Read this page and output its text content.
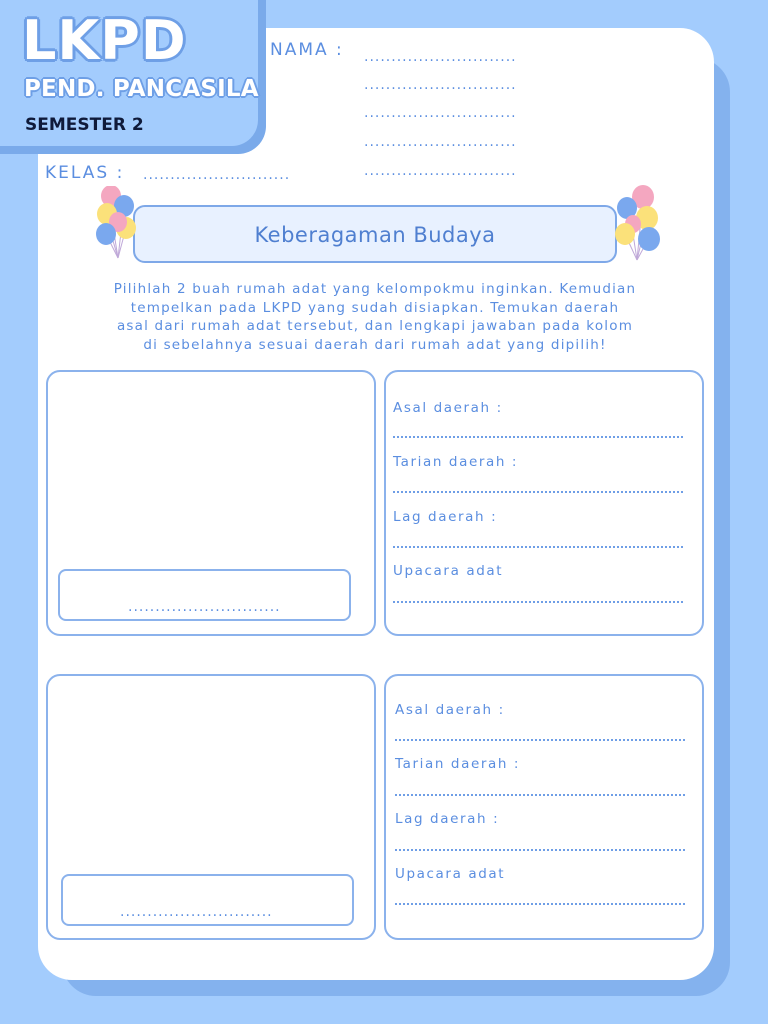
LKPD
PEND. PANCASILA
SEMESTER 2
NAMA : ............................
............................
............................
............................
............................
KELAS : ...........................
Keberagaman Budaya
Pilihlah 2 buah rumah adat yang kelompokmu inginkan. Kemudian
tempelkan pada LKPD yang sudah disiapkan. Temukan daerah
asal dari rumah adat tersebut, dan lengkapi jawaban pada kolom
di sebelahnya sesuai daerah dari rumah adat yang dipilih!
............................
Asal daerah :
Tarian daerah :
Lag daerah :
Upacara adat
............................
Asal daerah :
Tarian daerah :
Lag daerah :
Upacara adat
